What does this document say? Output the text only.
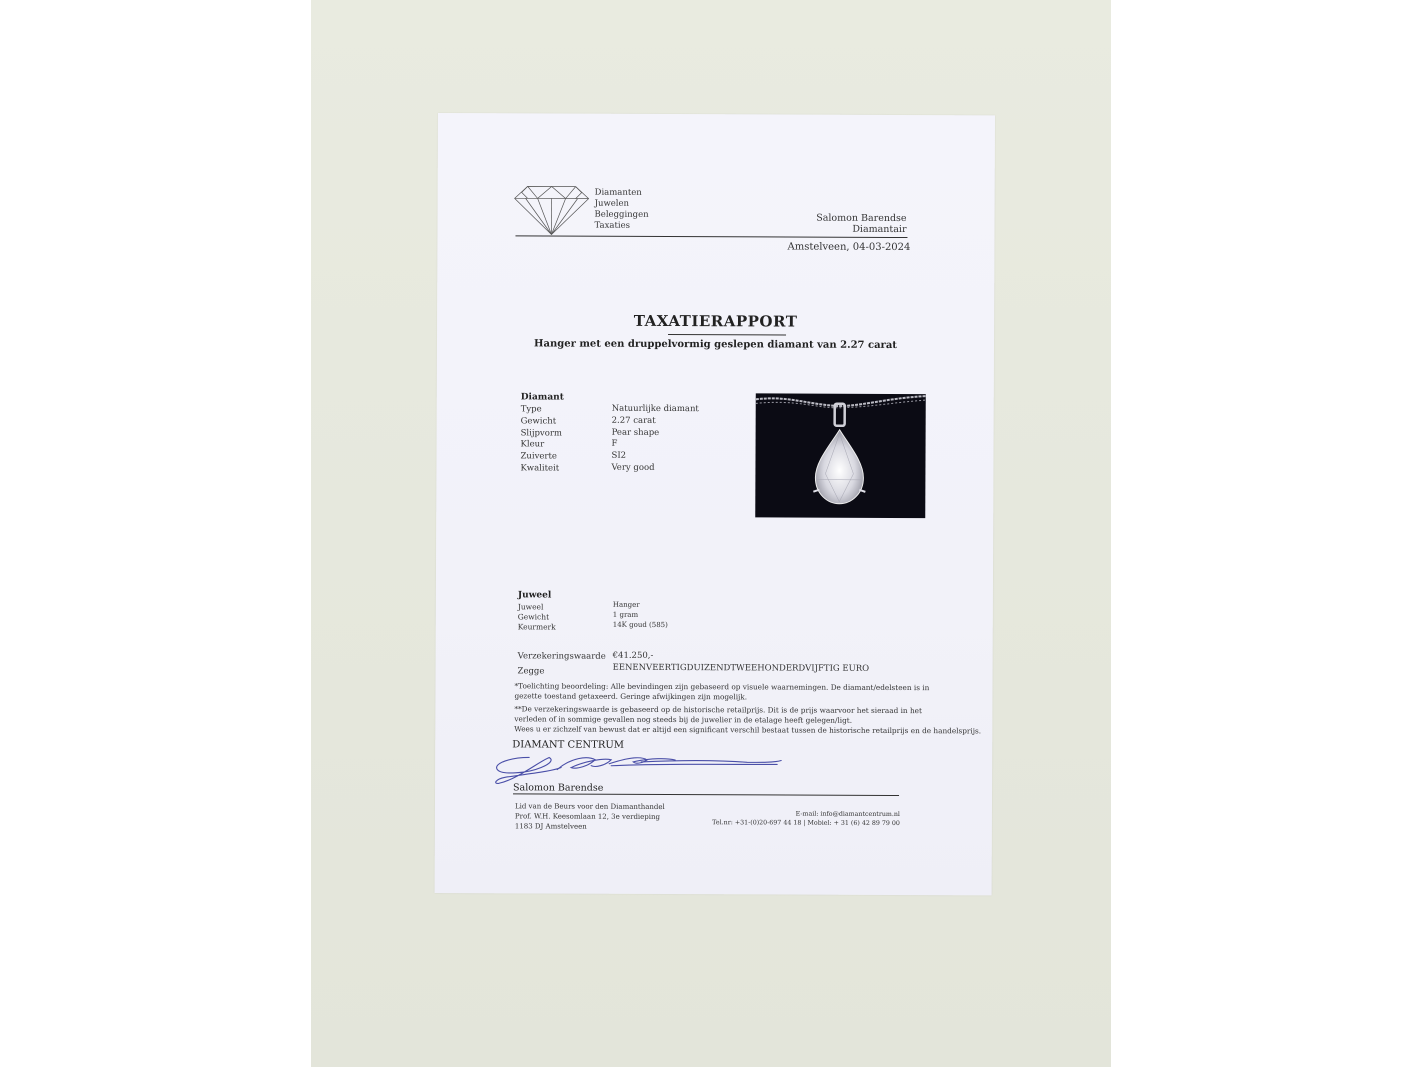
Diamanten
Juwelen
Beleggingen
Taxaties
Salomon Barendse
Diamantair
Amstelveen, 04-03-2024
TAXATIERAPPORT
Hanger met een druppelvormig geslepen diamant van 2.27 carat
Diamant
Type
Gewicht
Slijpvorm
Kleur
Zuiverte
Kwaliteit
Natuurlijke diamant
2.27 carat
Pear shape
F
SI2
Very good
Juweel
Juweel
Gewicht
Keurmerk
Hanger
1 gram
14K goud (585)
Verzekeringswaarde €41.250,-
Zegge	EENENVEERTIGDUIZENDTWEEHONDERDVIJFTIG EURO
*Toelichting beoordeling: Alle bevindingen zijn gebaseerd op visuele waarnemingen. De diamant/edelsteen is in gezette toestand getaxeerd. Geringe afwijkingen zijn mogelijk.
**De verzekeringswaarde is gebaseerd op de historische retailprijs. Dit is de prijs waarvoor het sieraad in het verleden of in sommige gevallen nog steeds bij de juwelier in de etalage heeft gelegen/ligt.
Wees u er zichzelf van bewust dat er altijd een significant verschil bestaat tussen de historische retailprijs en de handelsprijs.
DIAMANT CENTRUM
Salomon Barendse
Lid van de Beurs voor den Diamanthandel
Prof. W.H. Keesomlaan 12, 3e verdieping
1183 DJ Amstelveen
E-mail: info@diamantcentrum.nl
Tel.nr: +31-(0)20-697 44 18 | Mobiel: + 31 (6) 42 89 79 00
